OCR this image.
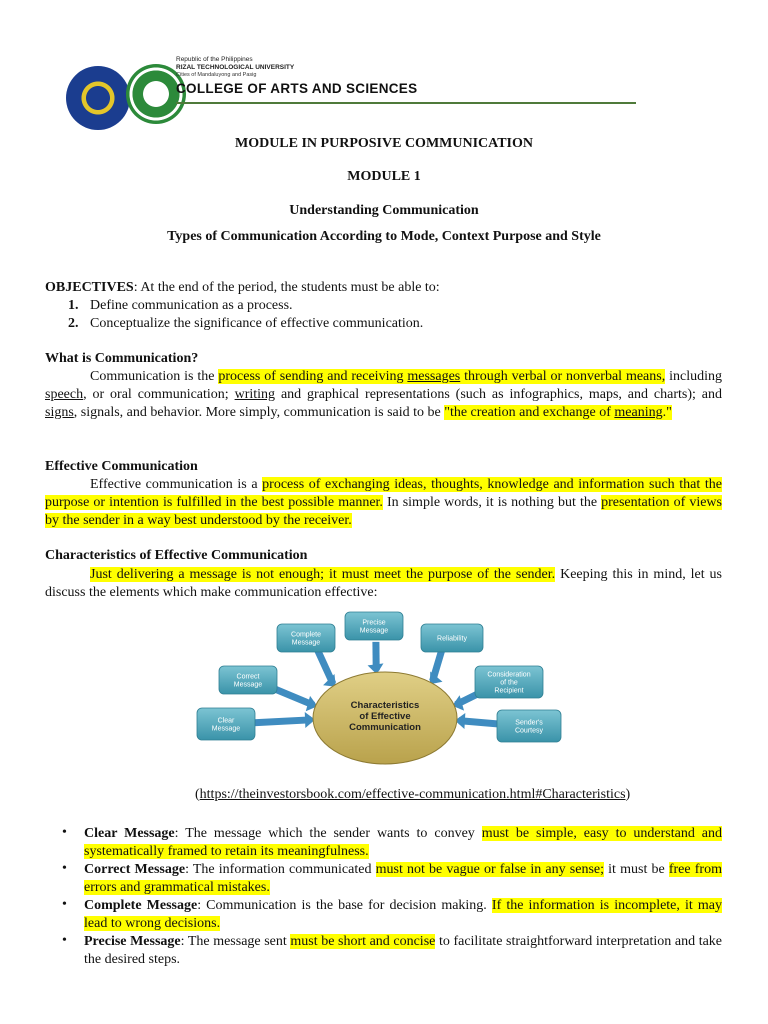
Republic of the Philippines
RIZAL TECHNOLOGICAL UNIVERSITY
Cities of Mandaluyong and Pasig
COLLEGE OF ARTS AND SCIENCES
MODULE IN PURPOSIVE COMMUNICATION
MODULE 1
Understanding Communication
Types of Communication According to Mode, Context Purpose and Style
OBJECTIVES: At the end of the period, the students must be able to:
1. Define communication as a process.
2. Conceptualize the significance of effective communication.
What is Communication?
Communication is the process of sending and receiving messages through verbal or nonverbal means, including speech, or oral communication; writing and graphical representations (such as infographics, maps, and charts); and signs, signals, and behavior. More simply, communication is said to be "the creation and exchange of meaning."
Effective Communication
Effective communication is a process of exchanging ideas, thoughts, knowledge and information such that the purpose or intention is fulfilled in the best possible manner. In simple words, it is nothing but the presentation of views by the sender in a way best understood by the receiver.
Characteristics of Effective Communication
Just delivering a message is not enough; it must meet the purpose of the sender. Keeping this in mind, let us discuss the elements which make communication effective:
Characteristics of Effective Communication
Precise Message
Complete Message
Reliability
Correct Message
Consideration of the Recipient
Clear Message
Sender's Courtesy
(https://theinvestorsbook.com/effective-communication.html#Characteristics)
• Clear Message: The message which the sender wants to convey must be simple, easy to understand and systematically framed to retain its meaningfulness.
• Correct Message: The information communicated must not be vague or false in any sense; it must be free from errors and grammatical mistakes.
• Complete Message: Communication is the base for decision making. If the information is incomplete, it may lead to wrong decisions.
• Precise Message: The message sent must be short and concise to facilitate straightforward interpretation and take the desired steps.
